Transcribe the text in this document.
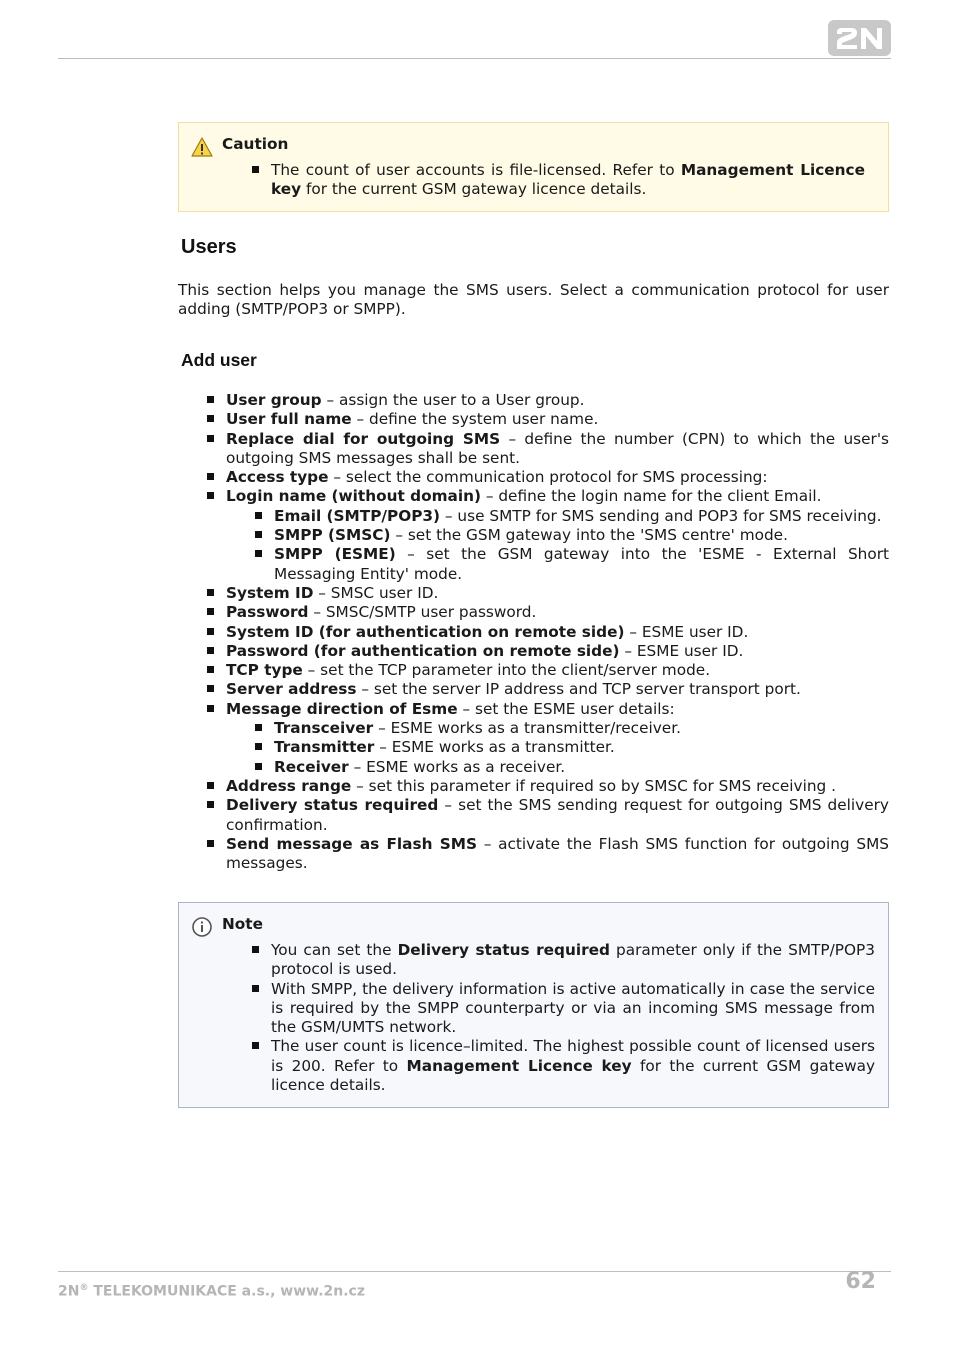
Caution
The count of user accounts is file-licensed. Refer to Management Licence key for the current GSM gateway licence details.
Users

This section helps you manage the SMS users. Select a communication protocol for user adding (SMTP/POP3 or SMPP).

Add user
User group – assign the user to a User group.
User full name – define the system user name.
Replace dial for outgoing SMS – define the number (CPN) to which the user's outgoing SMS messages shall be sent.
Access type – select the communication protocol for SMS processing:
Login name (without domain) – define the login name for the client Email.
Email (SMTP/POP3) – use SMTP for SMS sending and POP3 for SMS receiving.
SMPP (SMSC) – set the GSM gateway into the 'SMS centre' mode.
SMPP (ESME) – set the GSM gateway into the 'ESME - External Short Messaging Entity' mode.
System ID – SMSC user ID.
Password – SMSC/SMTP user password.
System ID (for authentication on remote side) – ESME user ID.
Password (for authentication on remote side) – ESME user ID.
TCP type – set the TCP parameter into the client/server mode.
Server address – set the server IP address and TCP server transport port.
Message direction of Esme – set the ESME user details:
Transceiver – ESME works as a transmitter/receiver.
Transmitter – ESME works as a transmitter.
Receiver – ESME works as a receiver.
Address range – set this parameter if required so by SMSC for SMS receiving .
Delivery status required – set the SMS sending request for outgoing SMS delivery confirmation.
Send message as Flash SMS – activate the Flash SMS function for outgoing SMS messages.
Note
You can set the Delivery status required parameter only if the SMTP/POP3 protocol is used.
With SMPP, the delivery information is active automatically in case the service is required by the SMPP counterparty or via an incoming SMS message from the GSM/UMTS network.
The user count is licence–limited. The highest possible count of licensed users is 200. Refer to Management Licence key for the current GSM gateway licence details.
2N® TELEKOMUNIKACE a.s., www.2n.cz	62
